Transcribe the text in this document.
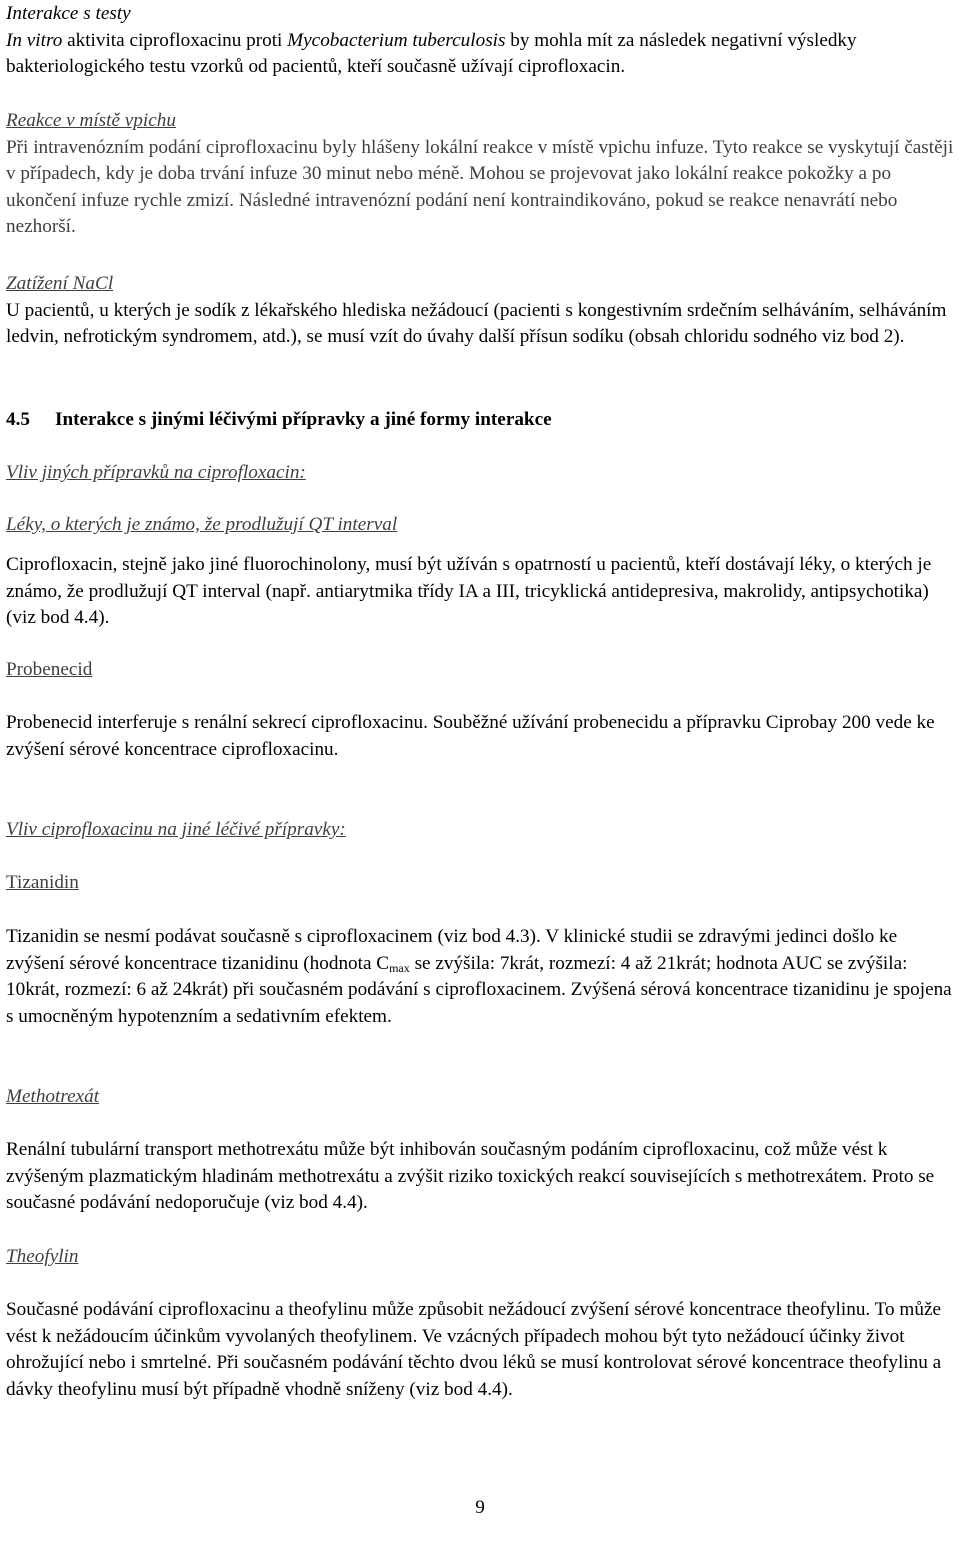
Interakce s testy

In vitro aktivita ciprofloxacinu proti Mycobacterium tuberculosis by mohla mít za následek negativní výsledky bakteriologického testu vzorků od pacientů, kteří současně užívají ciprofloxacin.

Reakce v místě vpichu

Při intravenózním podání ciprofloxacinu byly hlášeny lokální reakce v místě vpichu infuze. Tyto reakce se vyskytují častěji v případech, kdy je doba trvání infuze 30 minut nebo méně. Mohou se projevovat jako lokální reakce pokožky a po ukončení infuze rychle zmizí. Následné intravenózní podání není kontraindikováno, pokud se reakce nenavrátí nebo nezhorší.

Zatížení NaCl

U pacientů, u kterých je sodík z lékařského hlediska nežádoucí (pacienti s kongestivním srdečním selháváním, selháváním ledvin, nefrotickým syndromem, atd.), se musí vzít do úvahy další přísun sodíku (obsah chloridu sodného viz bod 2).

4.5 Interakce s jinými léčivými přípravky a jiné formy interakce
Vliv jiných přípravků na ciprofloxacin:
Léky, o kterých je známo, že prodlužují QT interval
Ciprofloxacin, stejně jako jiné fluorochinolony, musí být užíván s opatrností u pacientů, kteří dostávají léky, o kterých je známo, že prodlužují QT interval (např. antiarytmika třídy IA a III, tricyklická antidepresiva, makrolidy, antipsychotika) (viz bod 4.4).
Probenecid
Probenecid interferuje s renální sekrecí ciprofloxacinu. Souběžné užívání probenecidu a přípravku Ciprobay 200 vede ke zvýšení sérové koncentrace ciprofloxacinu.
Vliv ciprofloxacinu na jiné léčivé přípravky:
Tizanidin
Tizanidin se nesmí podávat současně s ciprofloxacinem (viz bod 4.3). V klinické studii se zdravými jedinci došlo ke zvýšení sérové koncentrace tizanidinu (hodnota $C_{max}$ se zvýšila: 7krát, rozmezí: 4 až 21krát; hodnota AUC se zvýšila: 10krát, rozmezí: 6 až 24krát) při současném podávání s ciprofloxacinem. Zvýšená sérová koncentrace tizanidinu je spojena s umocněným hypotenzním a sedativním efektem.
Methotrexát
Renální tubulární transport methotrexátu může být inhibován současným podáním ciprofloxacinu, což může vést k zvýšeným plazmatickým hladinám methotrexátu a zvýšit riziko toxických reakcí souvisejících s methotrexátem. Proto se současné podávání nedoporučuje (viz bod 4.4).
Theofylin
Současné podávání ciprofloxacinu a theofylinu může způsobit nežádoucí zvýšení sérové koncentrace theofylinu. To může vést k nežádoucím účinkům vyvolaných theofylinem. Ve vzácných případech mohou být tyto nežádoucí účinky život ohrožující nebo i smrtelné. Při současném podávání těchto dvou léků se musí kontrolovat sérové koncentrace theofylinu a dávky theofylinu musí být případně vhodně sníženy (viz bod 4.4).
9
